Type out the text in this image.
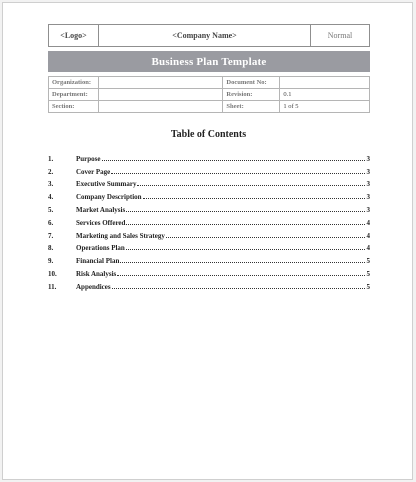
<Logo>	<Company Name>	Normal
Business Plan Template
Organization:		Document No:	
Department:		Revision:	0.1
Section:		Sheet:	1 of 5
Table of Contents
1.	Purpose	3
2.	Cover Page	3
3.	Executive Summary	3
4.	Company Description	3
5.	Market Analysis	3
6.	Services Offered	4
7.	Marketing and Sales Strategy	4
8.	Operations Plan	4
9.	Financial Plan	5
10.	Risk Analysis	5
11.	Appendices	5
